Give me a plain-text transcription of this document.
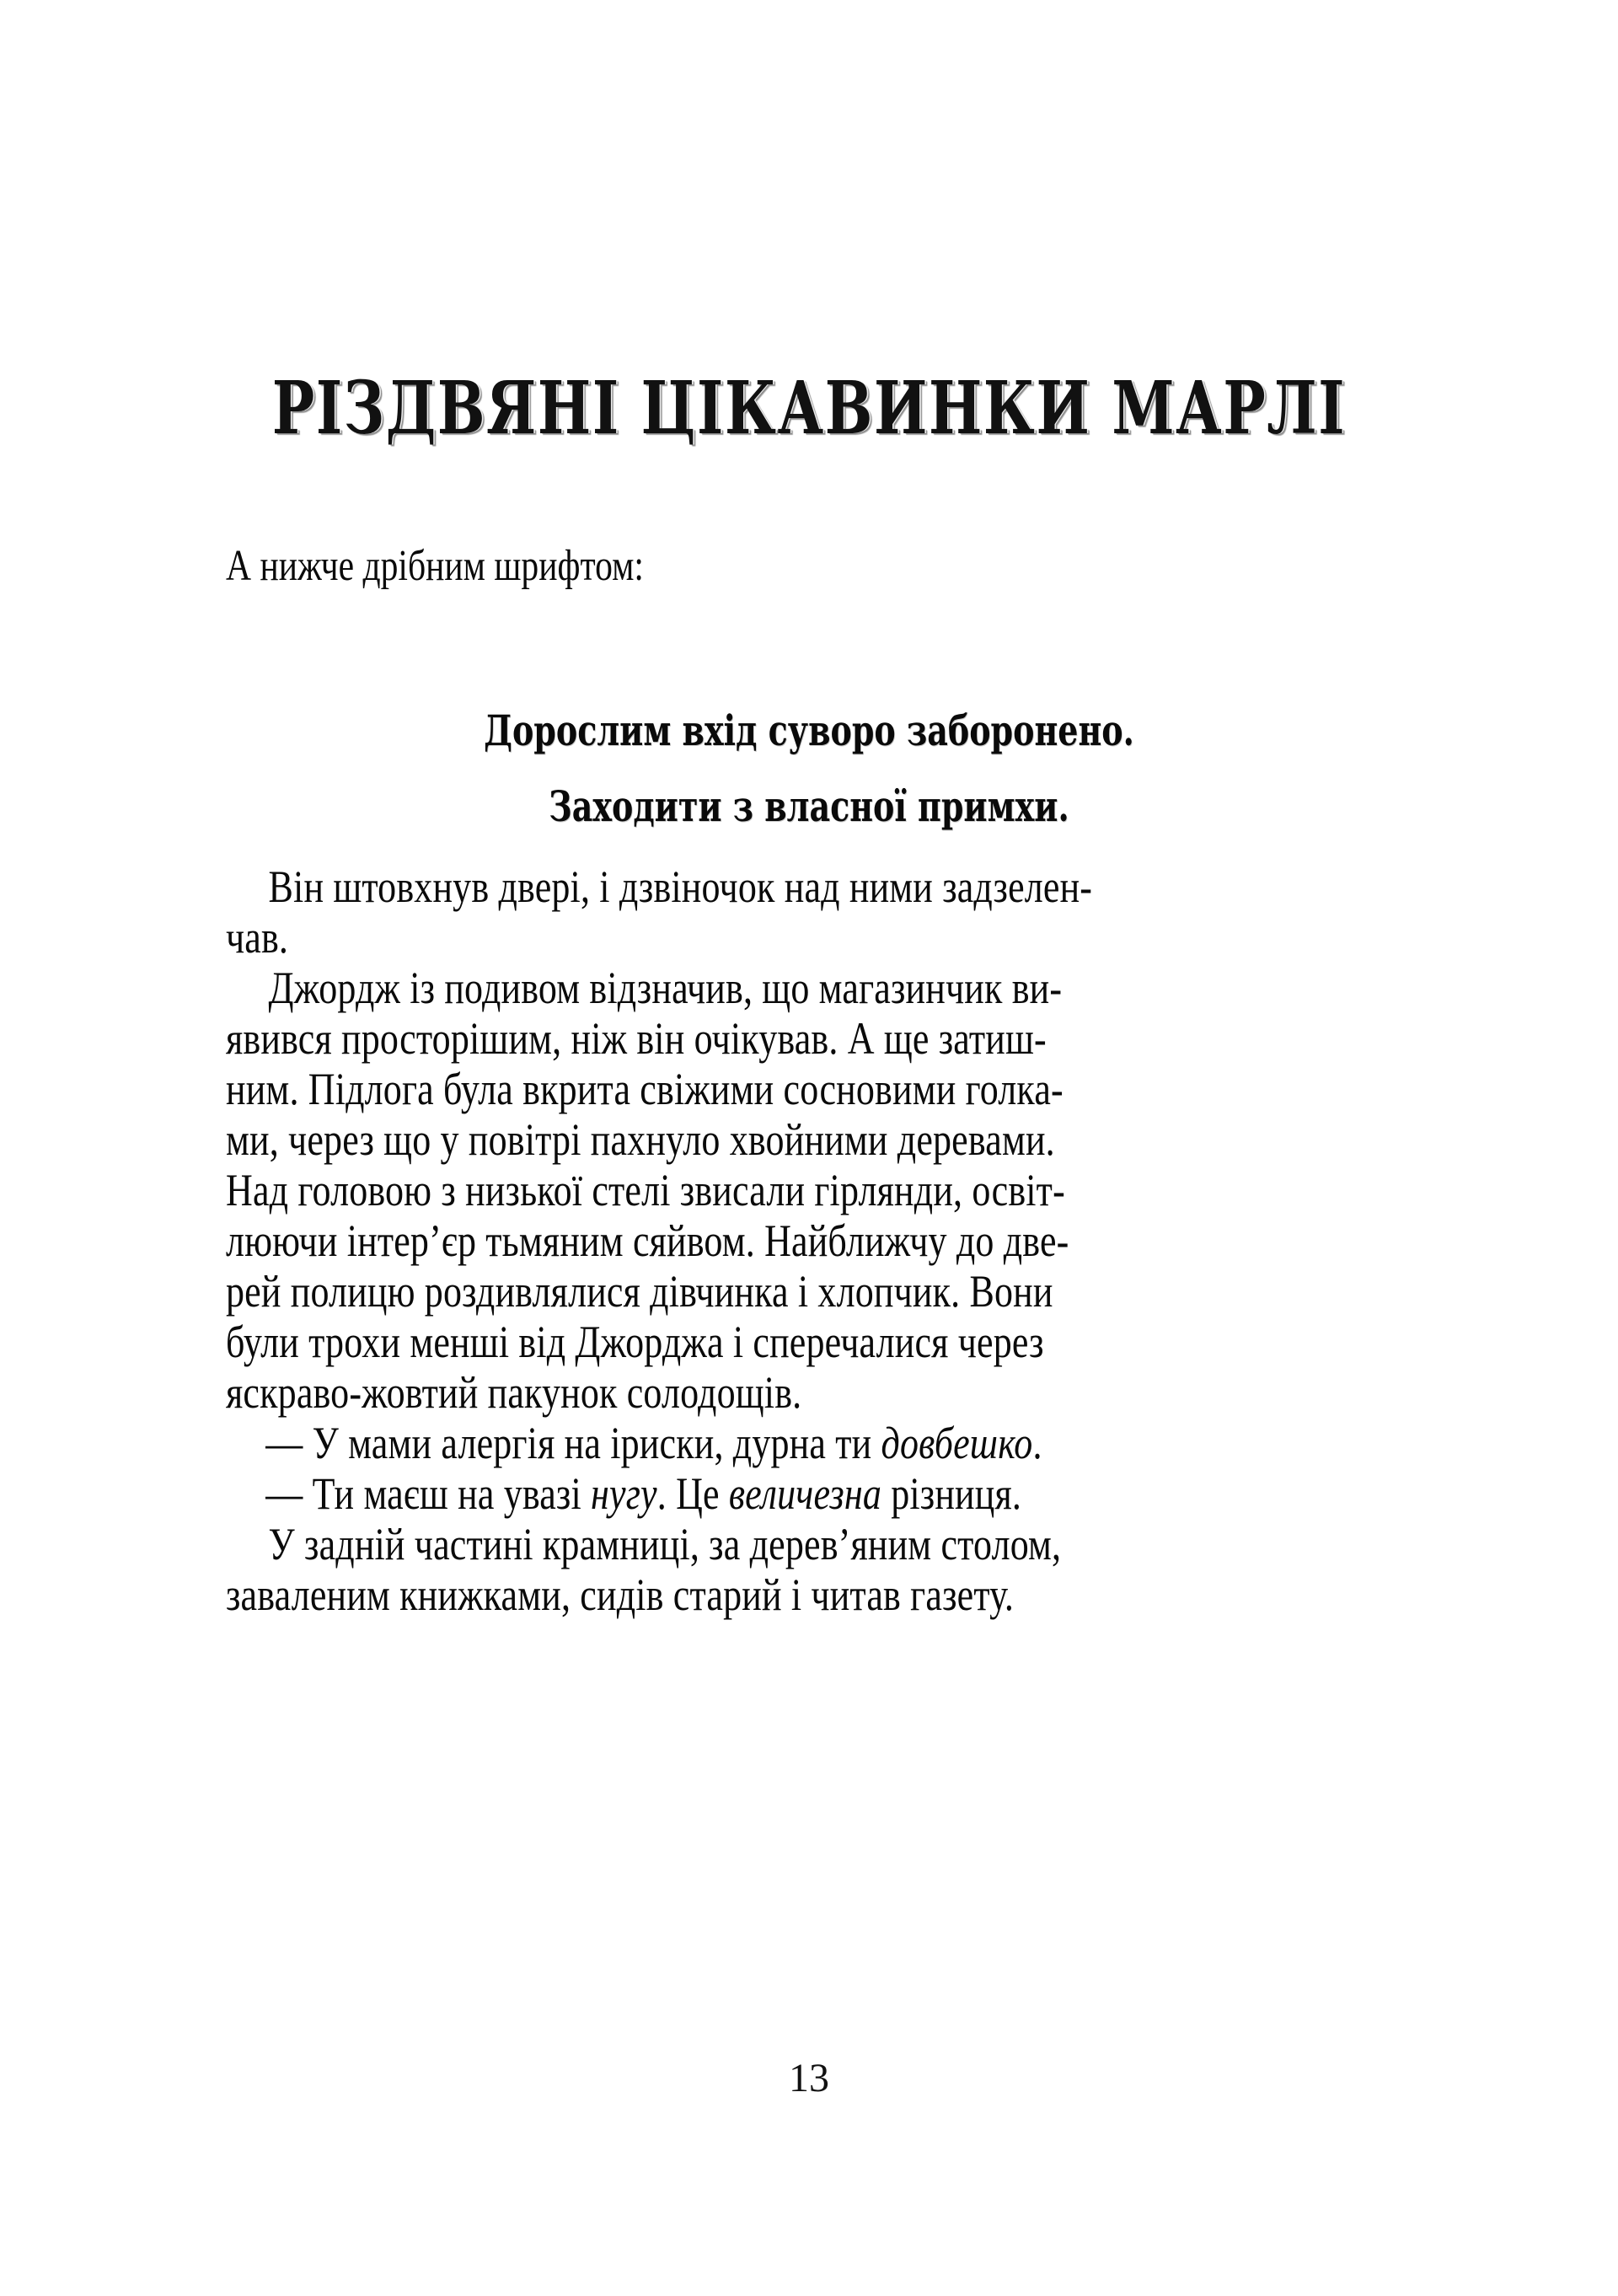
РІЗДВЯНІ ЦІКАВИНКИ МАРЛІ

А нижче дрібним шрифтом:

Дорослим вхід суворо заборонено.

Заходити з власної примхи.

Він штовхнув двері, і дзвіночок над ними задзелен-
чав.
Джордж із подивом відзначив, що магазинчик ви-
явився просторішим, ніж він очікував. А ще затиш-
ним. Підлога була вкрита свіжими сосновими голка-
ми, через що у повітрі пахнуло хвойними деревами.
Над головою з низької стелі звисали гірлянди, освіт-
люючи інтер’єр тьмяним сяйвом. Найближчу до две-
рей полицю роздивлялися дівчинка і хлопчик. Вони
були трохи менші від Джорджа і сперечалися через
яскраво-жовтий пакунок солодощів.
— У мами алергія на іриски, дурна ти довбешко.
— Ти маєш на увазі нугу. Це величезна різниця.
У задній частині крамниці, за дерев’яним столом,
заваленим книжками, сидів старий і читав газету.
13
